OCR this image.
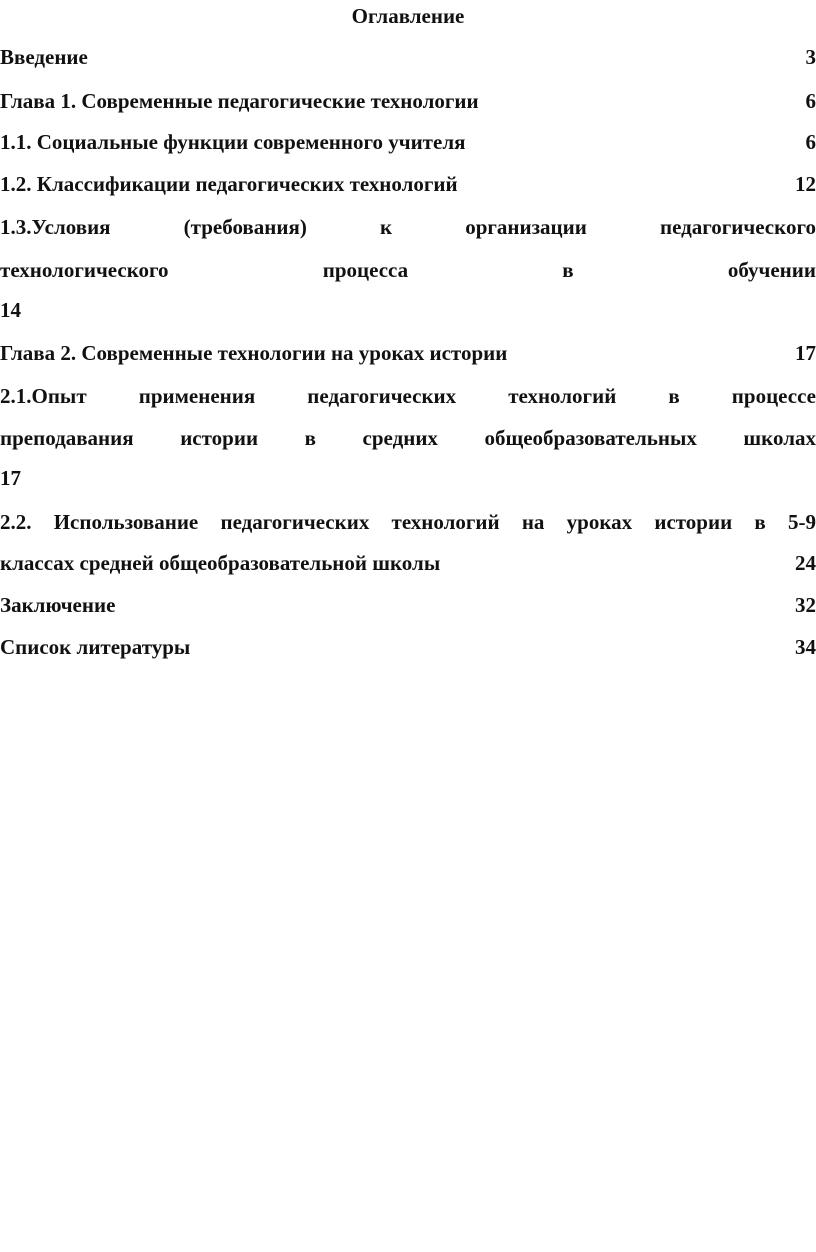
Оглавление
Введение	3
Глава 1. Современные педагогические технологии	6
1.1. Социальные функции современного учителя	6
1.2. Классификации педагогических технологий	12
1.3.Условия	(требования)	к	организации	педагогического
технологического	процесса	в	обучении
14
Глава 2. Современные технологии на уроках истории	17
2.1.Опыт применения педагогических технологий в процессе
преподавания истории в средних общеобразовательных школах
17
2.2. Использование педагогических технологий на уроках истории в 5-9
классах средней общеобразовательной школы	24
Заключение	32
Список литературы	34
